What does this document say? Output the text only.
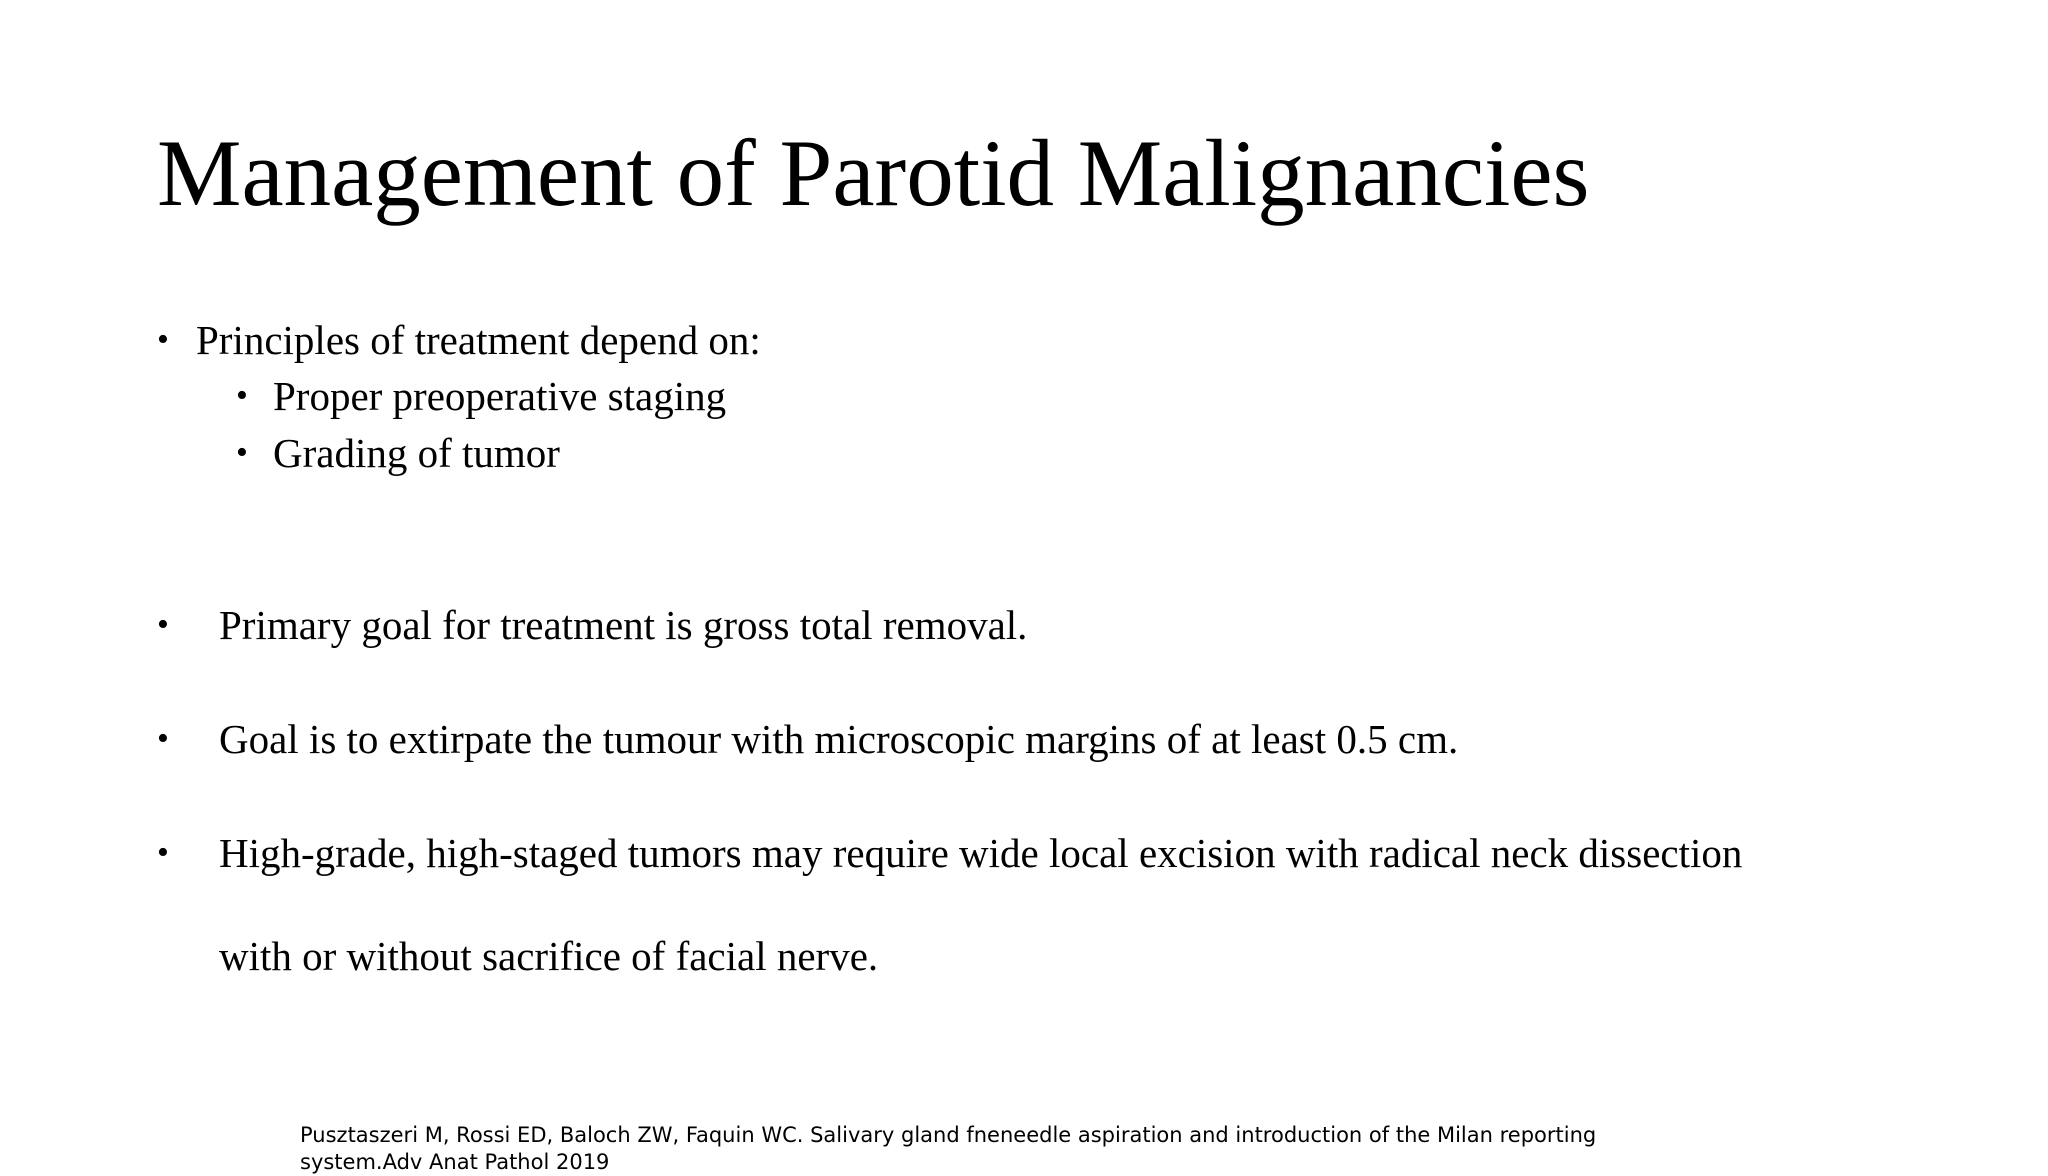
Management of Parotid Malignancies
• Principles of treatment depend on:
• Proper preoperative staging
• Grading of tumor
• Primary goal for treatment is gross total removal.
• Goal is to extirpate the tumour with microscopic margins of at least 0.5 cm.
• High-grade, high-staged tumors may require wide local excision with radical neck dissection
with or without sacrifice of facial nerve.
Pusztaszeri M, Rossi ED, Baloch ZW, Faquin WC. Salivary gland fneneedle aspiration and introduction of the Milan reporting system.Adv Anat Pathol 2019
